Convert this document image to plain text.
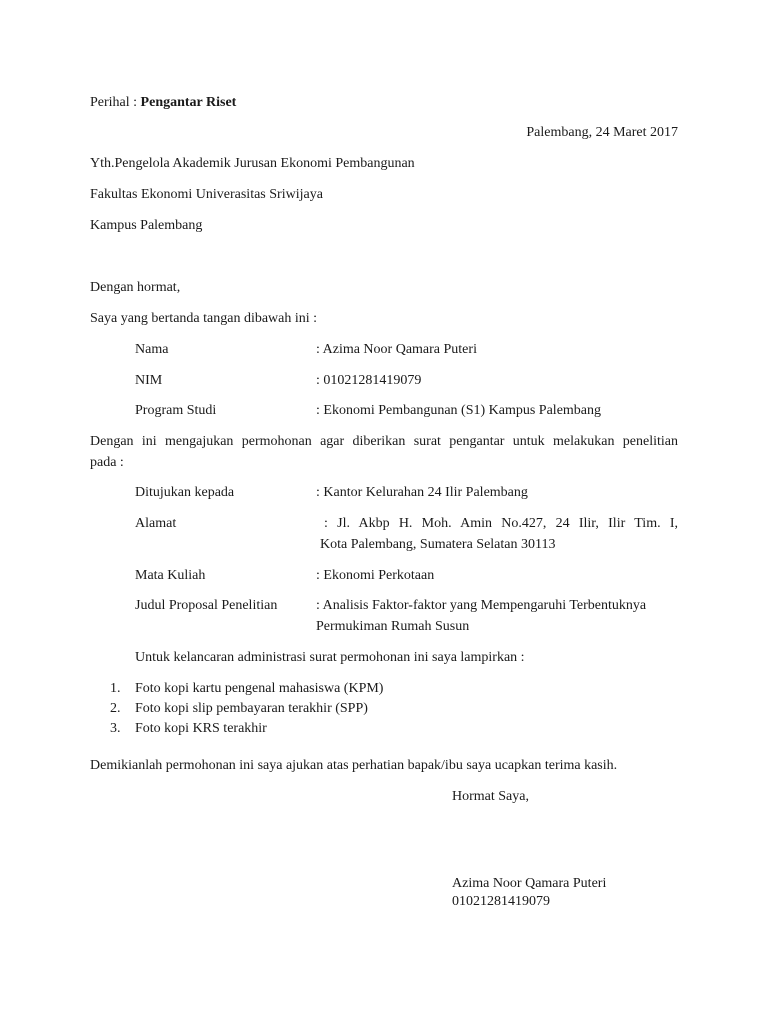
Perihal : Pengantar Riset
Palembang, 24 Maret 2017
Yth.Pengelola Akademik Jurusan Ekonomi Pembangunan
Fakultas Ekonomi Univerasitas Sriwijaya
Kampus Palembang
Dengan hormat,
Saya yang bertanda tangan dibawah ini :
Nama	: Azima Noor Qamara Puteri
NIM	: 01021281419079
Program Studi	: Ekonomi Pembangunan (S1) Kampus Palembang
Dengan ini mengajukan permohonan agar diberikan surat pengantar untuk melakukan penelitian
pada :
Ditujukan kepada	: Kantor Kelurahan 24 Ilir Palembang
Alamat	: Jl. Akbp H. Moh. Amin No.427, 24 Ilir, Ilir Tim. I,
Kota Palembang, Sumatera Selatan 30113
Mata Kuliah	: Ekonomi Perkotaan
Judul Proposal Penelitian	: Analisis Faktor-faktor yang Mempengaruhi Terbentuknya
Permukiman Rumah Susun
Untuk kelancaran administrasi surat permohonan ini saya lampirkan :
1. Foto kopi kartu pengenal mahasiswa (KPM)
2. Foto kopi slip pembayaran terakhir (SPP)
3. Foto kopi KRS terakhir
Demikianlah permohonan ini saya ajukan atas perhatian bapak/ibu saya ucapkan terima kasih.
Hormat Saya,
Azima Noor Qamara Puteri
01021281419079
